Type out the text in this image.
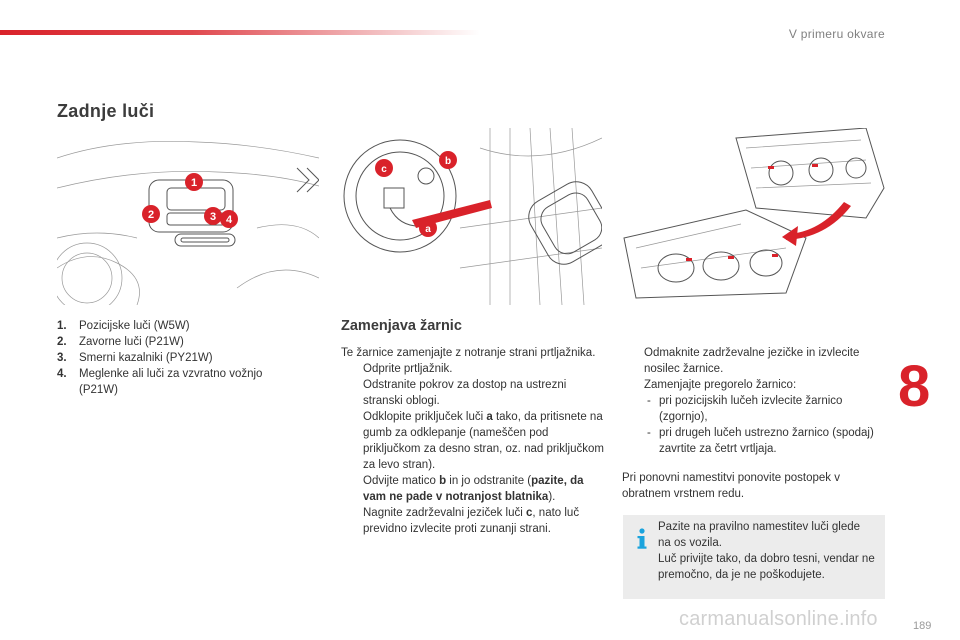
V primeru okvare
Zadnje luči
1
2	3 4
c
b
a
1.	Pozicijske luči (W5W)
2.	Zavorne luči (P21W)
3.	Smerni kazalniki (PY21W)
4.	Meglenke ali luči za vzvratno vožnjo (P21W)
Zamenjava žarnic
Te žarnice zamenjajte z notranje strani prtljažnika.
Odprite prtljažnik.
Odstranite pokrov za dostop na ustrezni stranski oblogi.
Odklopite priključek luči a tako, da pritisnete na gumb za odklepanje (nameščen pod priključkom za desno stran, oz. nad priključkom za levo stran).
Odvijte matico b in jo odstranite (pazite, da vam ne pade v notranjost blatnika).
Nagnite zadrževalni jeziček luči c, nato luč previdno izvlecite proti zunanji strani.
Odmaknite zadrževalne jezičke in izvlecite nosilec žarnice.
Zamenjajte pregorelo žarnico:
- pri pozicijskih lučeh izvlecite žarnico (zgornjo),
- pri drugeh lučeh ustrezno žarnico (spodaj) zavrtite za četrt vrtljaja.
Pri ponovni namestitvi ponovite postopek v obratnem vrstnem redu.
Pazite na pravilno namestitev luči glede na os vozila.
Luč privijte tako, da dobro tesni, vendar ne premočno, da je ne poškodujete.
8
carmanualsonline.info	189
